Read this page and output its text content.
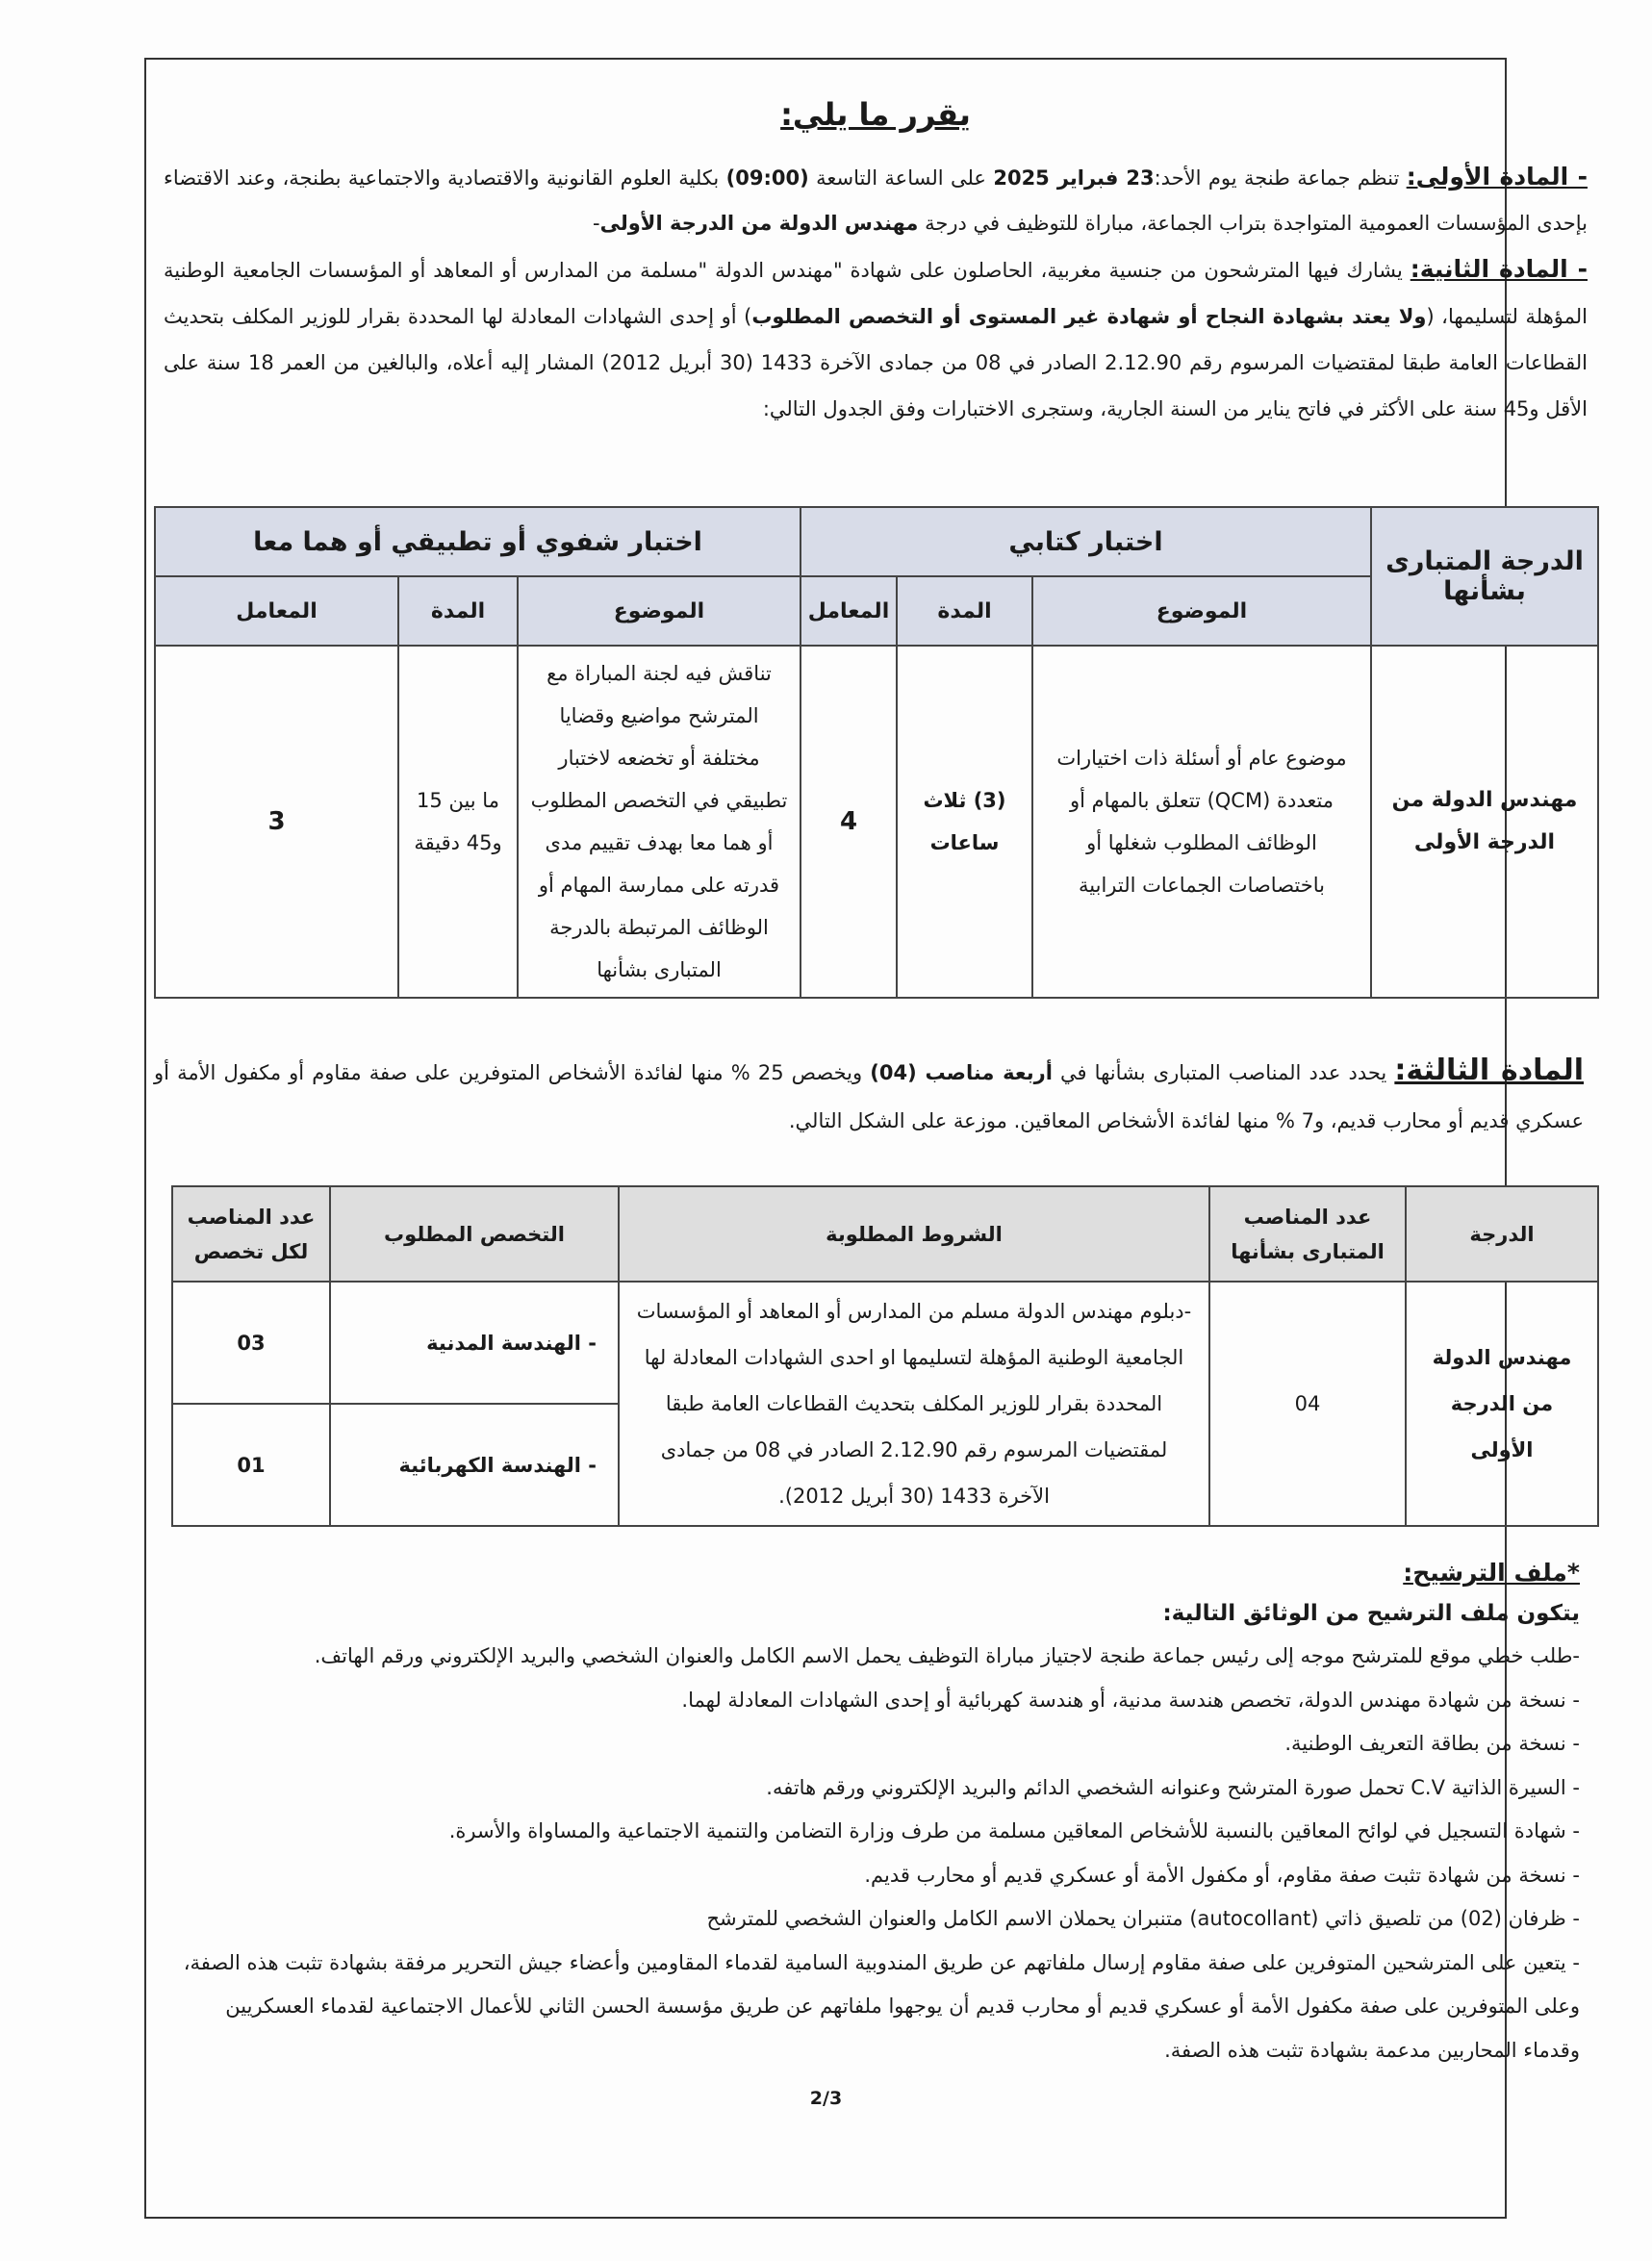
يقرر ما يلي:

- المادة الأولى: تنظم جماعة طنجة يوم الأحد:23 فبراير 2025 على الساعة التاسعة (09:00) بكلية العلوم القانونية والاقتصادية والاجتماعية بطنجة، وعند الاقتضاء بإحدى المؤسسات العمومية المتواجدة بتراب الجماعة، مباراة للتوظيف في درجة مهندس الدولة من الدرجة الأولى-

- المادة الثانية: يشارك فيها المترشحون من جنسية مغربية، الحاصلون على شهادة "مهندس الدولة "مسلمة من المدارس أو المعاهد أو المؤسسات الجامعية الوطنية المؤهلة لتسليمها، (ولا يعتد بشهادة النجاح أو شهادة غير المستوى أو التخصص المطلوب) أو إحدى الشهادات المعادلة لها المحددة بقرار للوزير المكلف بتحديث القطاعات العامة طبقا لمقتضيات المرسوم رقم 2.12.90 الصادر في 08 من جمادى الآخرة 1433 (30 أبريل 2012) المشار إليه أعلاه، والبالغين من العمر 18 سنة على الأقل و45 سنة على الأكثر في فاتح يناير من السنة الجارية، وستجرى الاختبارات وفق الجدول التالي:

الدرجة المتبارى بشأنها	اختبار كتابي			اختبار شفوي أو تطبيقي أو هما معا		
	الموضوع	المدة	المعامل	الموضوع	المدة	المعامل
مهندس الدولة من الدرجة الأولى	موضوع عام أو أسئلة ذات اختيارات متعددة (QCM) تتعلق بالمهام أو الوظائف المطلوب شغلها أو باختصاصات الجماعات الترابية	(3) ثلاث ساعات	4	تناقش فيه لجنة المباراة مع المترشح مواضيع وقضايا مختلفة أو تخضعه لاختبار تطبيقي في التخصص المطلوب أو هما معا بهدف تقييم مدى قدرته على ممارسة المهام أو الوظائف المرتبطة بالدرجة المتبارى بشأنها	ما بين 15 و45 دقيقة	3

المادة الثالثة: يحدد عدد المناصب المتبارى بشأنها في أربعة مناصب (04) ويخصص 25 % منها لفائدة الأشخاص المتوفرين على صفة مقاوم أو مكفول الأمة أو عسكري قديم أو محارب قديم، و7 % منها لفائدة الأشخاص المعاقين. موزعة على الشكل التالي.

الدرجة	عدد المناصب المتبارى بشأنها	الشروط المطلوبة	التخصص المطلوب	عدد المناصب لكل تخصص
مهندس الدولة من الدرجة الأولى	04	-دبلوم مهندس الدولة مسلم من المدارس أو المعاهد أو المؤسسات الجامعية الوطنية المؤهلة لتسليمها او احدى الشهادات المعادلة لها المحددة بقرار للوزير المكلف بتحديث القطاعات العامة طبقا لمقتضيات المرسوم رقم 2.12.90 الصادر في 08 من جمادى الآخرة 1433 (30 أبريل 2012).	- الهندسة المدنية	03
			- الهندسة الكهربائية	01
*ملف الترشيح:
يتكون ملف الترشيح من الوثائق التالية:
-طلب خطي موقع للمترشح موجه إلى رئيس جماعة طنجة لاجتياز مباراة التوظيف يحمل الاسم الكامل والعنوان الشخصي والبريد الإلكتروني ورقم الهاتف.
- نسخة من شهادة مهندس الدولة، تخصص هندسة مدنية، أو هندسة كهربائية أو إحدى الشهادات المعادلة لهما.
- نسخة من بطاقة التعريف الوطنية.
- السيرة الذاتية C.V تحمل صورة المترشح وعنوانه الشخصي الدائم والبريد الإلكتروني ورقم هاتفه.
- شهادة التسجيل في لوائح المعاقين بالنسبة للأشخاص المعاقين مسلمة من طرف وزارة التضامن والتنمية الاجتماعية والمساواة والأسرة.
- نسخة من شهادة تثبت صفة مقاوم، أو مكفول الأمة أو عسكري قديم أو محارب قديم.
- ظرفان (02) من تلصيق ذاتي (autocollant) متنبران يحملان الاسم الكامل والعنوان الشخصي للمترشح
- يتعين على المترشحين المتوفرين على صفة مقاوم إرسال ملفاتهم عن طريق المندوبية السامية لقدماء المقاومين وأعضاء جيش التحرير مرفقة بشهادة تثبت هذه الصفة، وعلى المتوفرين على صفة مكفول الأمة أو عسكري قديم أو محارب قديم أن يوجهوا ملفاتهم عن طريق مؤسسة الحسن الثاني للأعمال الاجتماعية لقدماء العسكريين وقدماء المحاربين مدعمة بشهادة تثبت هذه الصفة.
2/3
